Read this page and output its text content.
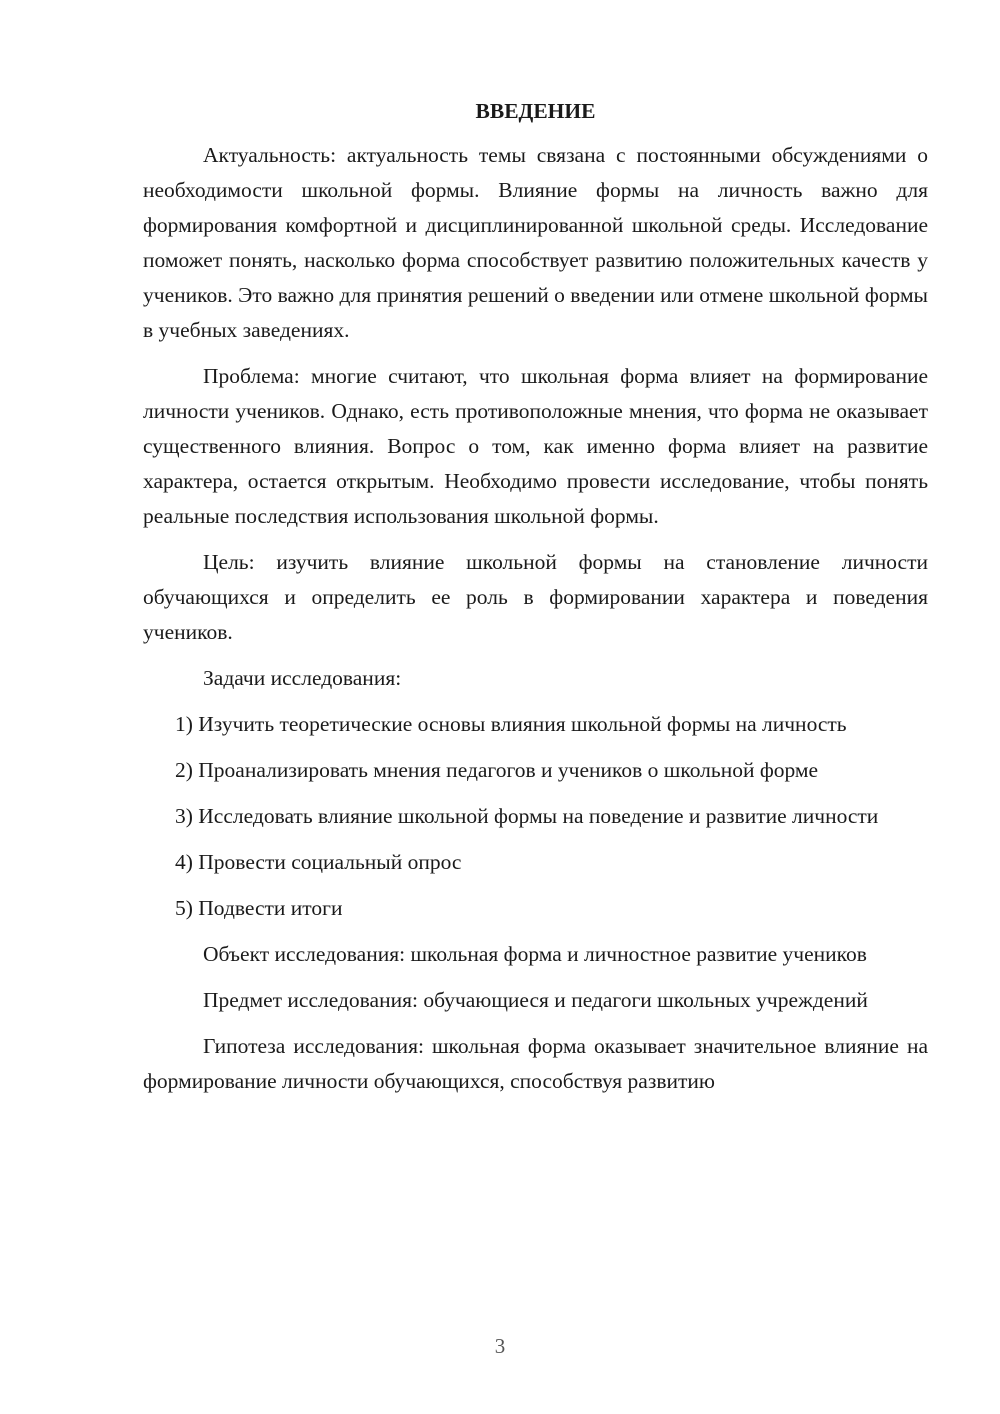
ВВЕДЕНИЕ

Актуальность: актуальность темы связана с постоянными обсуждениями о необходимости школьной формы. Влияние формы на личность важно для формирования комфортной и дисциплинированной школьной среды. Исследование поможет понять, насколько форма способствует развитию положительных качеств у учеников. Это важно для принятия решений о введении или отмене школьной формы в учебных заведениях.

Проблема: многие считают, что школьная форма влияет на формирование личности учеников. Однако, есть противоположные мнения, что форма не оказывает существенного влияния. Вопрос о том, как именно форма влияет на развитие характера, остается открытым. Необходимо провести исследование, чтобы понять реальные последствия использования школьной формы.

Цель: изучить влияние школьной формы на становление личности обучающихся и определить ее роль в формировании характера и поведения учеников.

Задачи исследования:

1) Изучить теоретические основы влияния школьной формы на личность

2) Проанализировать мнения педагогов и учеников о школьной форме

3) Исследовать влияние школьной формы на поведение и развитие личности

4) Провести социальный опрос

5) Подвести итоги

Объект исследования: школьная форма и личностное развитие учеников

Предмет исследования: обучающиеся и педагоги школьных учреждений

Гипотеза исследования: школьная форма оказывает значительное влияние на формирование личности обучающихся, способствуя развитию

3
